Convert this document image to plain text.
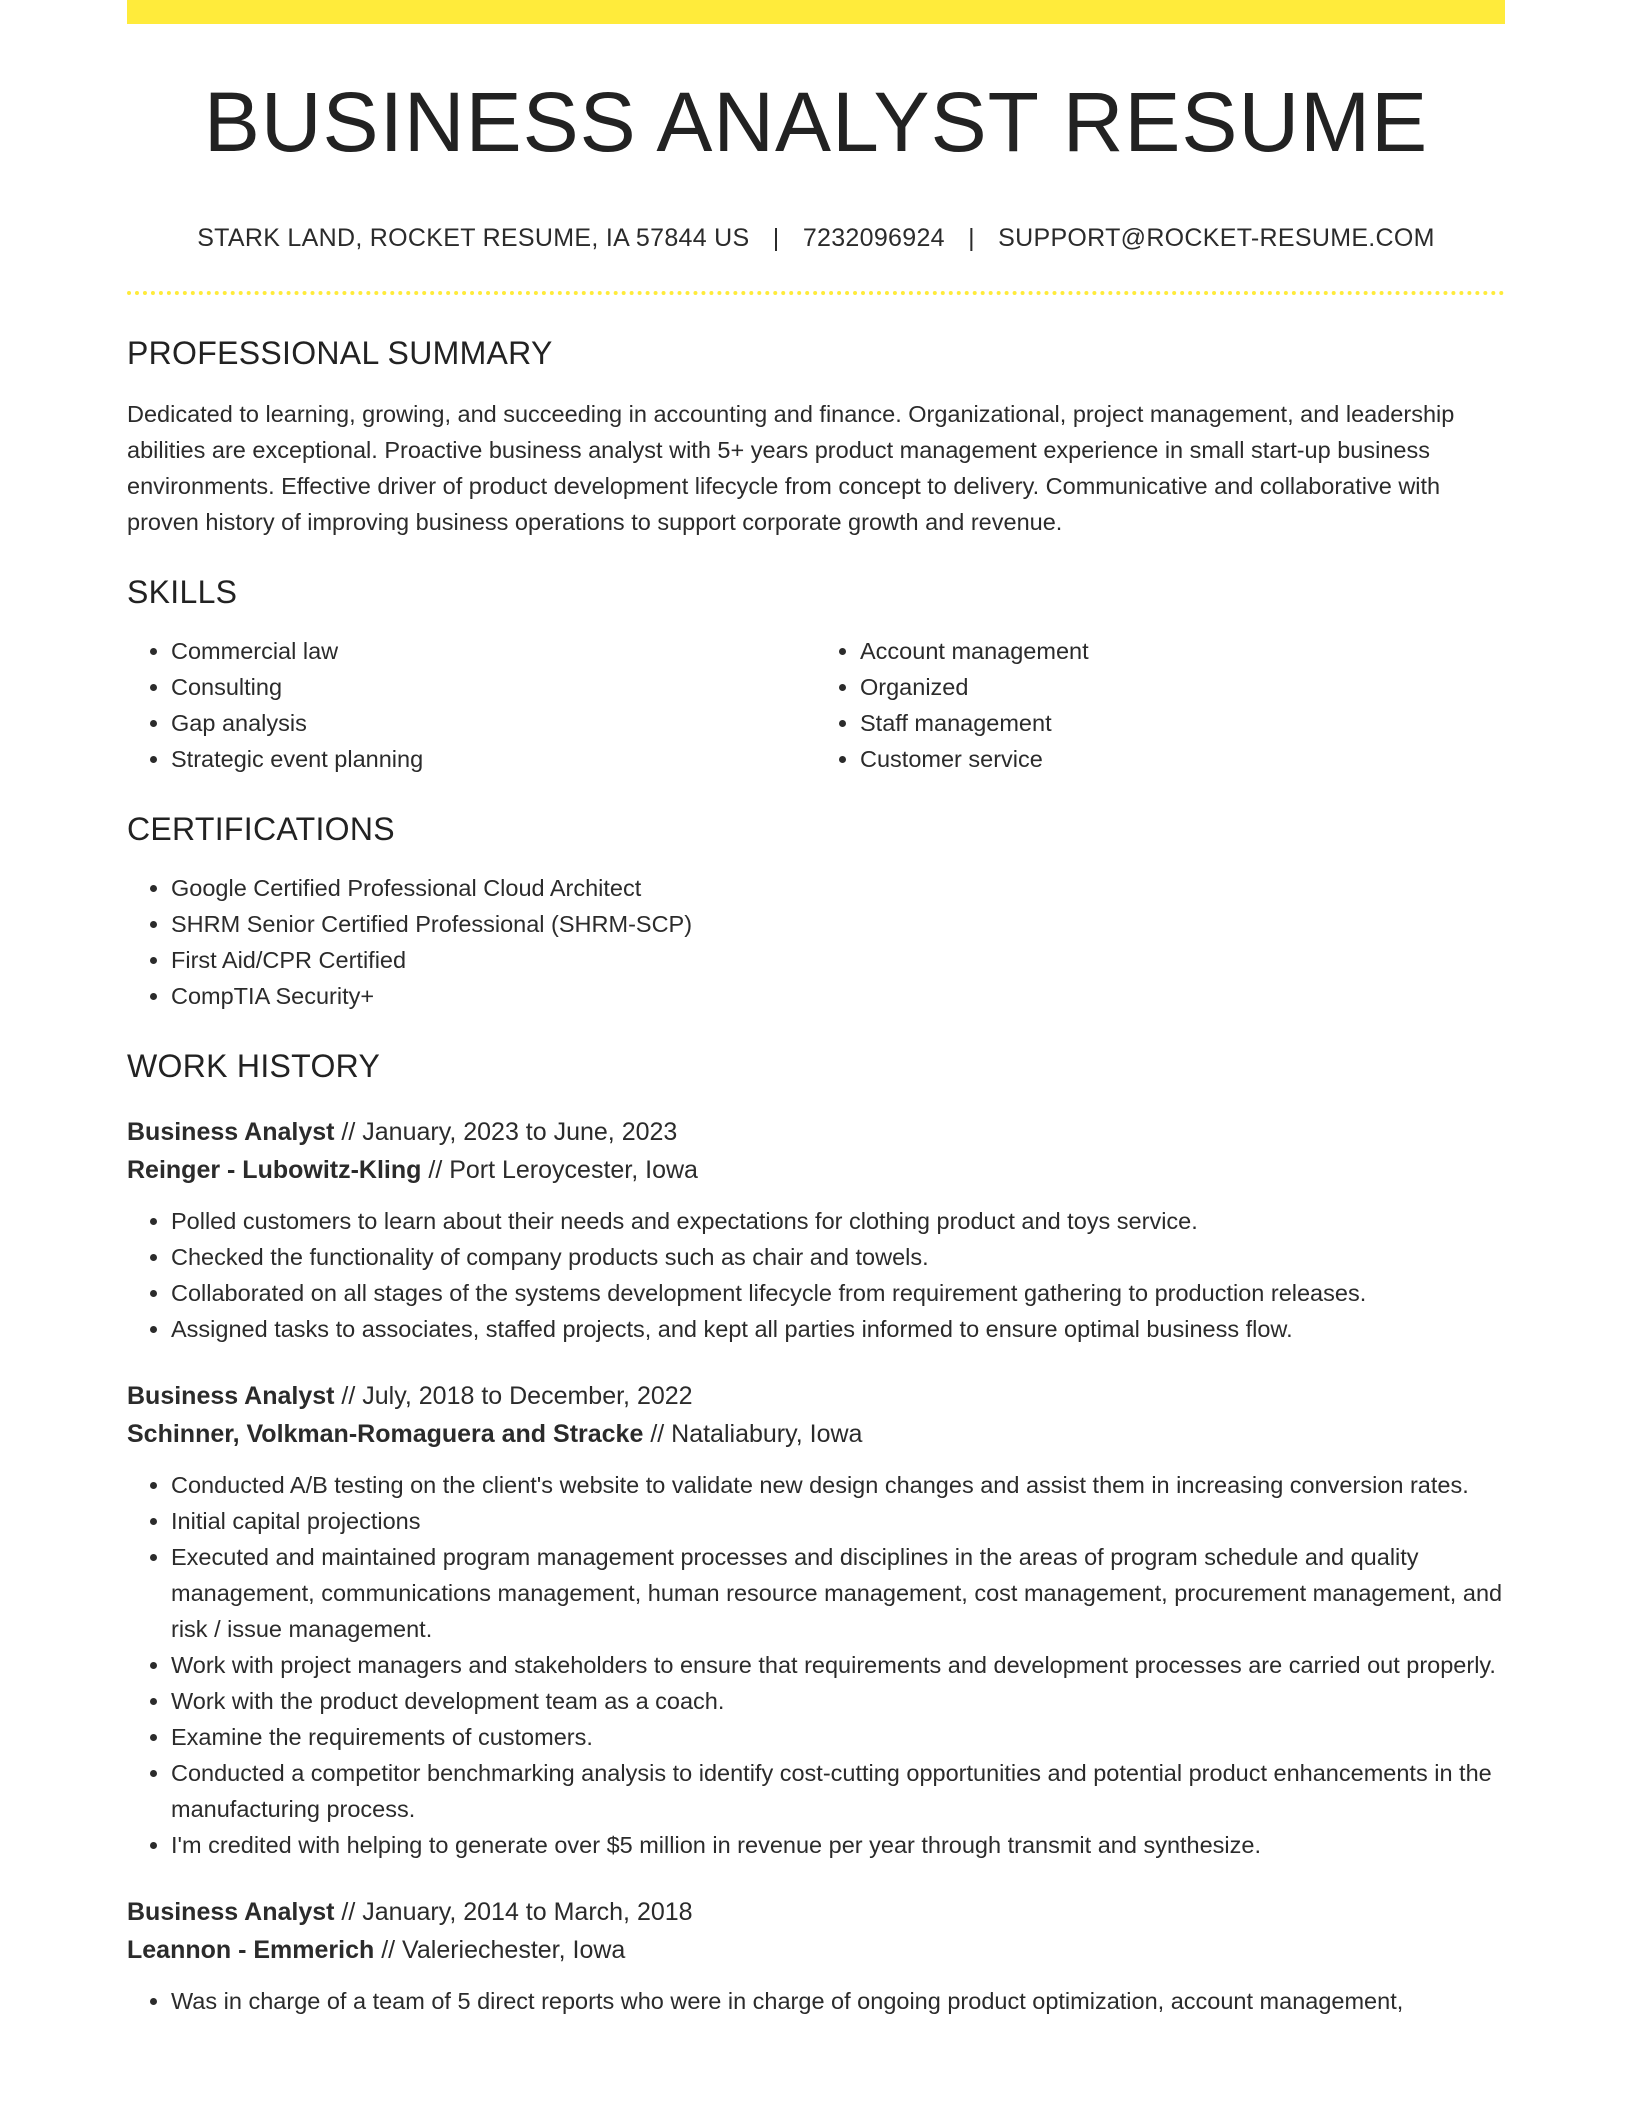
BUSINESS ANALYST RESUME
STARK LAND, ROCKET RESUME, IA 57844 US | 7232096924 | SUPPORT@ROCKET-RESUME.COM
PROFESSIONAL SUMMARY

Dedicated to learning, growing, and succeeding in accounting and finance. Organizational, project management, and leadership abilities are exceptional. Proactive business analyst with 5+ years product management experience in small start-up business environments. Effective driver of product development lifecycle from concept to delivery. Communicative and collaborative with proven history of improving business operations to support corporate growth and revenue.

SKILLS
• Commercial law
• Consulting
• Gap analysis
• Strategic event planning
• Account management
• Organized
• Staff management
• Customer service
CERTIFICATIONS
• Google Certified Professional Cloud Architect
• SHRM Senior Certified Professional (SHRM-SCP)
• First Aid/CPR Certified
• CompTIA Security+
WORK HISTORY
Business Analyst // January, 2023 to June, 2023
Reinger - Lubowitz-Kling // Port Leroycester, Iowa
• Polled customers to learn about their needs and expectations for clothing product and toys service.
• Checked the functionality of company products such as chair and towels.
• Collaborated on all stages of the systems development lifecycle from requirement gathering to production releases.
• Assigned tasks to associates, staffed projects, and kept all parties informed to ensure optimal business flow.
Business Analyst // July, 2018 to December, 2022
Schinner, Volkman-Romaguera and Stracke // Nataliabury, Iowa
• Conducted A/B testing on the client's website to validate new design changes and assist them in increasing conversion rates.
• Initial capital projections
• Executed and maintained program management processes and disciplines in the areas of program schedule and quality management, communications management, human resource management, cost management, procurement management, and risk / issue management.
• Work with project managers and stakeholders to ensure that requirements and development processes are carried out properly.
• Work with the product development team as a coach.
• Examine the requirements of customers.
• Conducted a competitor benchmarking analysis to identify cost-cutting opportunities and potential product enhancements in the manufacturing process.
• I'm credited with helping to generate over $5 million in revenue per year through transmit and synthesize.
Business Analyst // January, 2014 to March, 2018
Leannon - Emmerich // Valeriechester, Iowa
• Was in charge of a team of 5 direct reports who were in charge of ongoing product optimization, account management,
